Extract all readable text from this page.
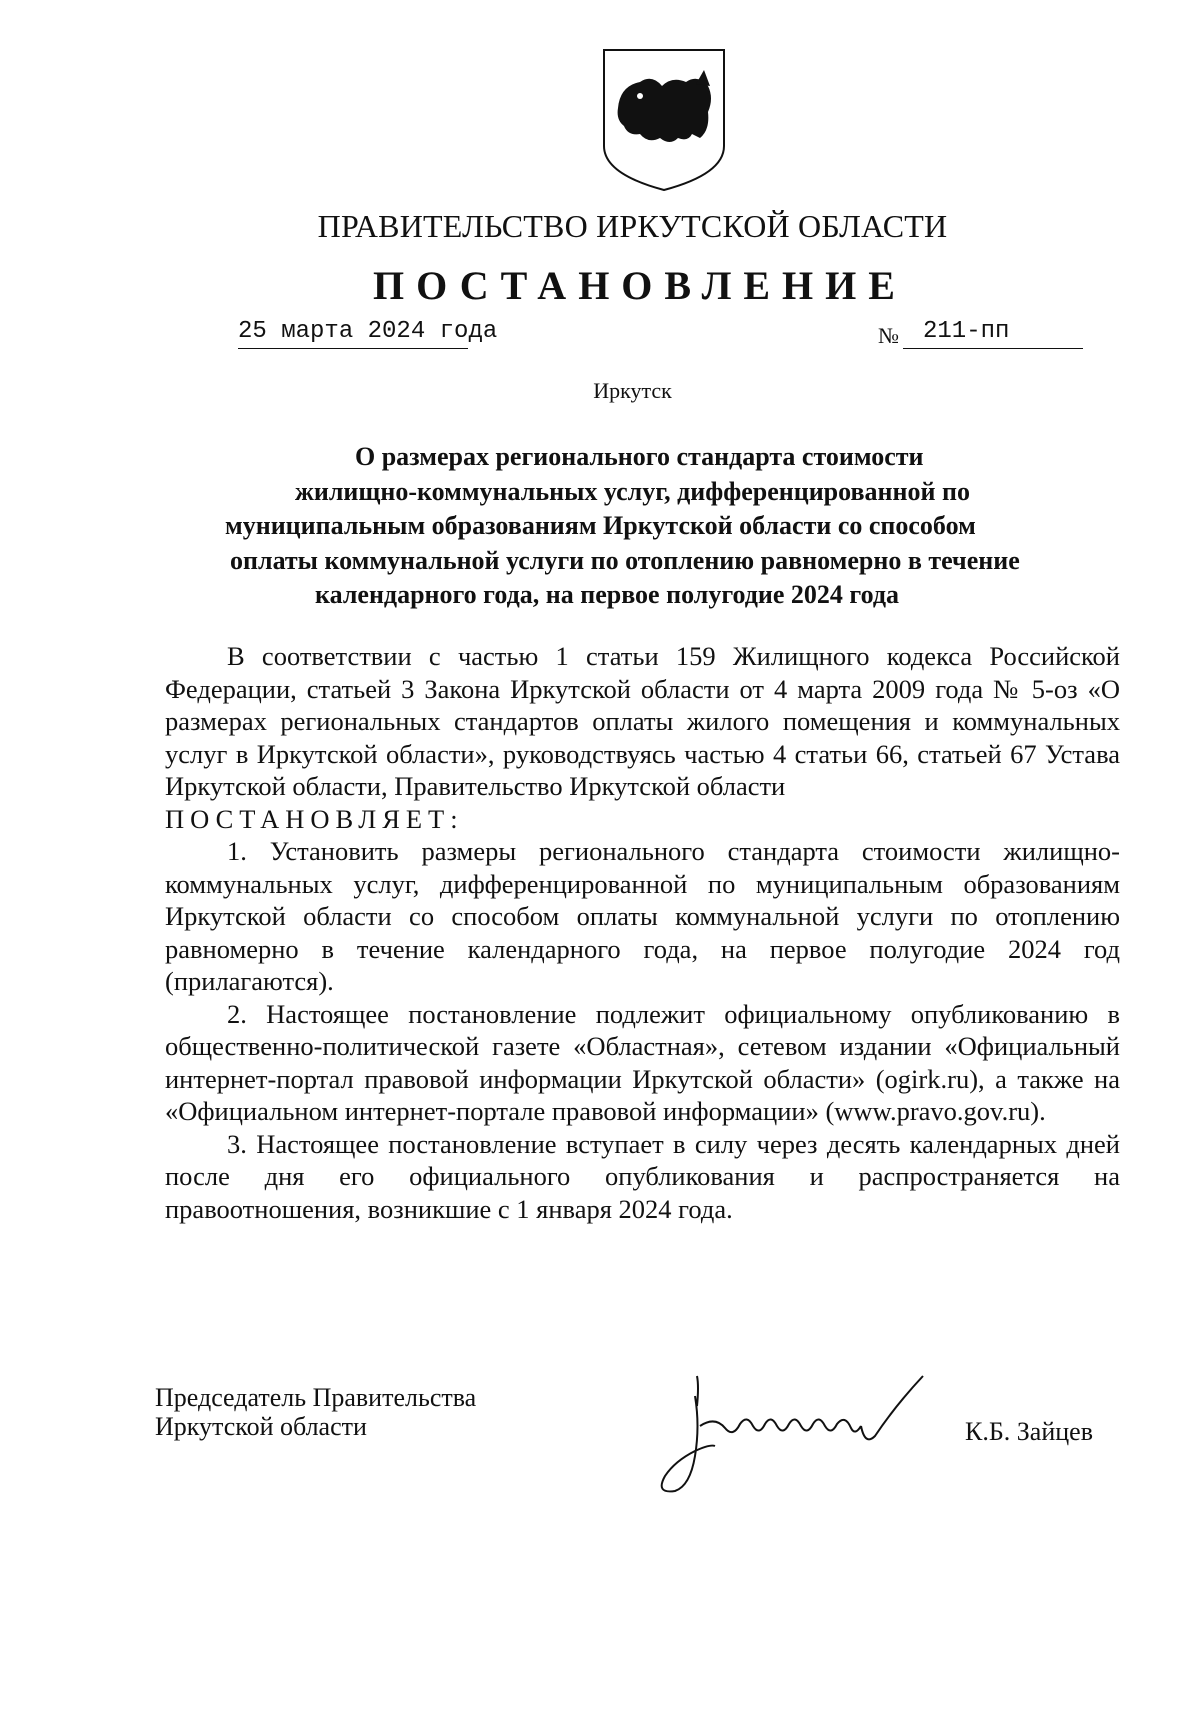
ПРАВИТЕЛЬСТВО ИРКУТСКОЙ ОБЛАСТИ
ПОСТАНОВЛЕНИЕ
25 марта 2024 года	№ 211-пп
Иркутск
О размерах регионального стандарта стоимости
жилищно-коммунальных услуг, дифференцированной по
муниципальным образованиям Иркутской области со способом
оплаты коммунальной услуги по отоплению равномерно в течение
календарного года, на первое полугодие 2024 года

В соответствии с частью 1 статьи 159 Жилищного кодекса Российской Федерации, статьей 3 Закона Иркутской области от 4 марта 2009 года № 5-оз «О размерах региональных стандартов оплаты жилого помещения и коммунальных услуг в Иркутской области», руководствуясь частью 4 статьи 66, статьей 67 Устава Иркутской области, Правительство Иркутской области

ПОСТАНОВЛЯЕТ:

1. Установить размеры регионального стандарта стоимости жилищно-коммунальных услуг, дифференцированной по муниципальным образованиям Иркутской области со способом оплаты коммунальной услуги по отоплению равномерно в течение календарного года, на первое полугодие 2024 год (прилагаются).

2. Настоящее постановление подлежит официальному опубликованию в общественно-политической газете «Областная», сетевом издании «Официальный интернет-портал правовой информации Иркутской области» (ogirk.ru), а также на «Официальном интернет-портале правовой информации» (www.pravo.gov.ru).

3. Настоящее постановление вступает в силу через десять календарных дней после дня его официального опубликования и распространяется на правоотношения, возникшие с 1 января 2024 года.

Председатель Правительства
Иркутской области	К.Б. Зайцев
